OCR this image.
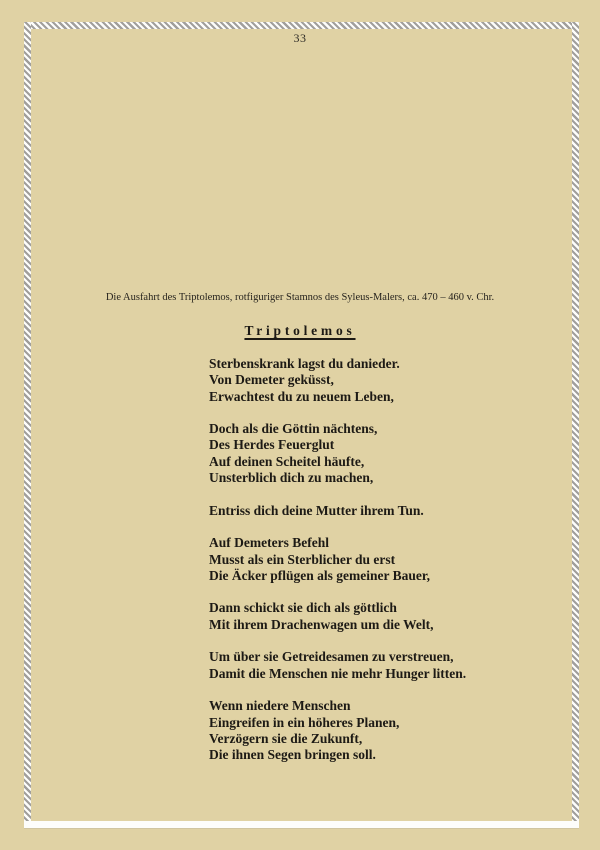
33
Die Ausfahrt des Triptolemos, rotfiguriger Stamnos des Syleus-Malers, ca. 470 – 460 v. Chr.
Triptolemos
Sterbenskrank lagst du danieder.
Von Demeter geküsst,
Erwachtest du zu neuem Leben,
Doch als die Göttin nächtens,
Des Herdes Feuerglut
Auf deinen Scheitel häufte,
Unsterblich dich zu machen,
Entriss dich deine Mutter ihrem Tun.
Auf Demeters Befehl
Musst als ein Sterblicher du erst
Die Äcker pflügen als gemeiner Bauer,
Dann schickt sie dich als göttlich
Mit ihrem Drachenwagen um die Welt,
Um über sie Getreidesamen zu verstreuen,
Damit die Menschen nie mehr Hunger litten.
Wenn niedere Menschen
Eingreifen in ein höheres Planen,
Verzögern sie die Zukunft,
Die ihnen Segen bringen soll.
